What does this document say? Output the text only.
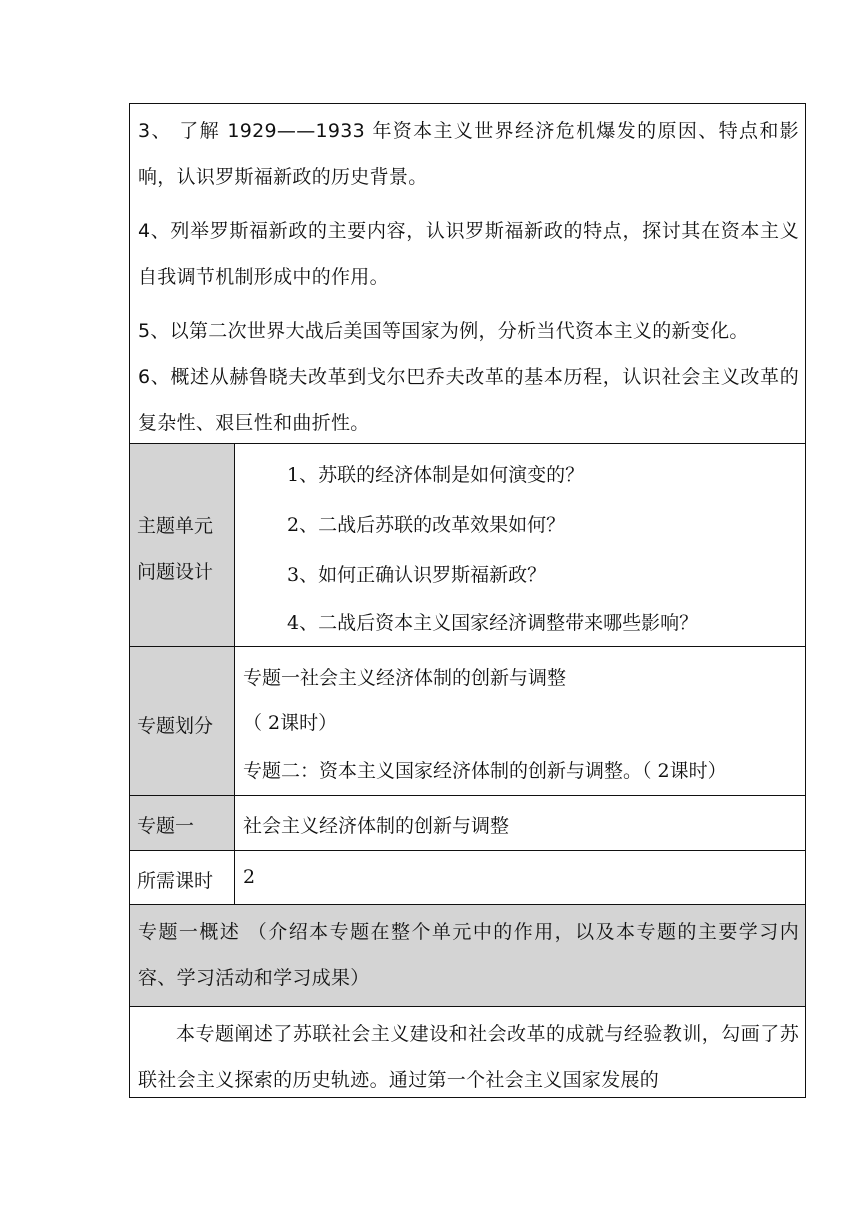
3、 了解 1929——1933 年资本主义世界经济危机爆发的原因、特点和影响，认识罗斯福新政的历史背景。
4、列举罗斯福新政的主要内容，认识罗斯福新政的特点，探讨其在资本主义自我调节机制形成中的作用。
5、以第二次世界大战后美国等国家为例，分析当代资本主义的新变化。
6、概述从赫鲁晓夫改革到戈尔巴乔夫改革的基本历程，认识社会主义改革的复杂性、艰巨性和曲折性。
主题单元
问题设计
1、苏联的经济体制是如何演变的？
2、二战后苏联的改革效果如何？
3、如何正确认识罗斯福新政？
4、二战后资本主义国家经济调整带来哪些影响？
专题划分
专题一社会主义经济体制的创新与调整
（ 2课时）
专题二：资本主义国家经济体制的创新与调整。（ 2课时）
专题一	社会主义经济体制的创新与调整
所需课时 2
专题一概述 （介绍本专题在整个单元中的作用，以及本专题的主要学习内容、学习活动和学习成果）
本专题阐述了苏联社会主义建设和社会改革的成就与经验教训，勾画了苏联社会主义探索的历史轨迹。通过第一个社会主义国家发展的
